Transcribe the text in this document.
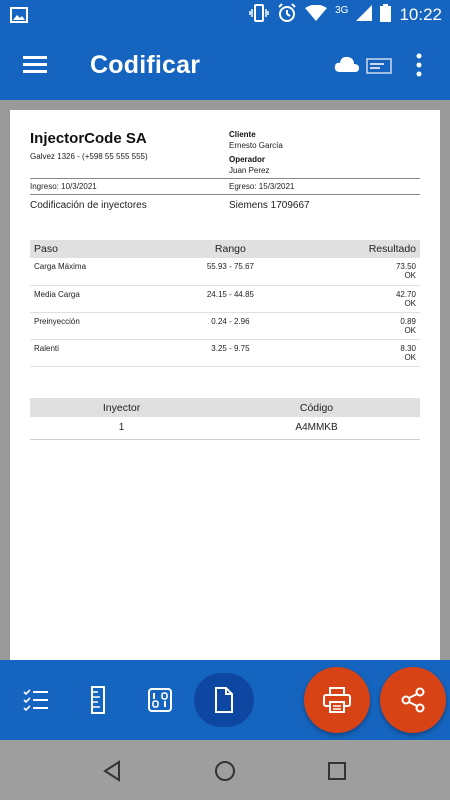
3G	10:22
Codificar
InjectorCode SA
Galvez 1326 - (+598 55 555 555)
Cliente
Ernesto García
Operador
Juan Perez
Ingreso: 10/3/2021	Egreso: 15/3/2021
Codificación de inyectores	Siemens 1709667
Paso	Rango	Resultado
Carga Máxima	55.93 - 75.67	73.50
OK

Media Carga	24.15 - 44.85	42.70
OK

Preinyección	0.24 - 2.96	0.89
OK

Ralenti	3.25 - 9.75	8.30
OK
Inyector	Código
1	A4MMKB
